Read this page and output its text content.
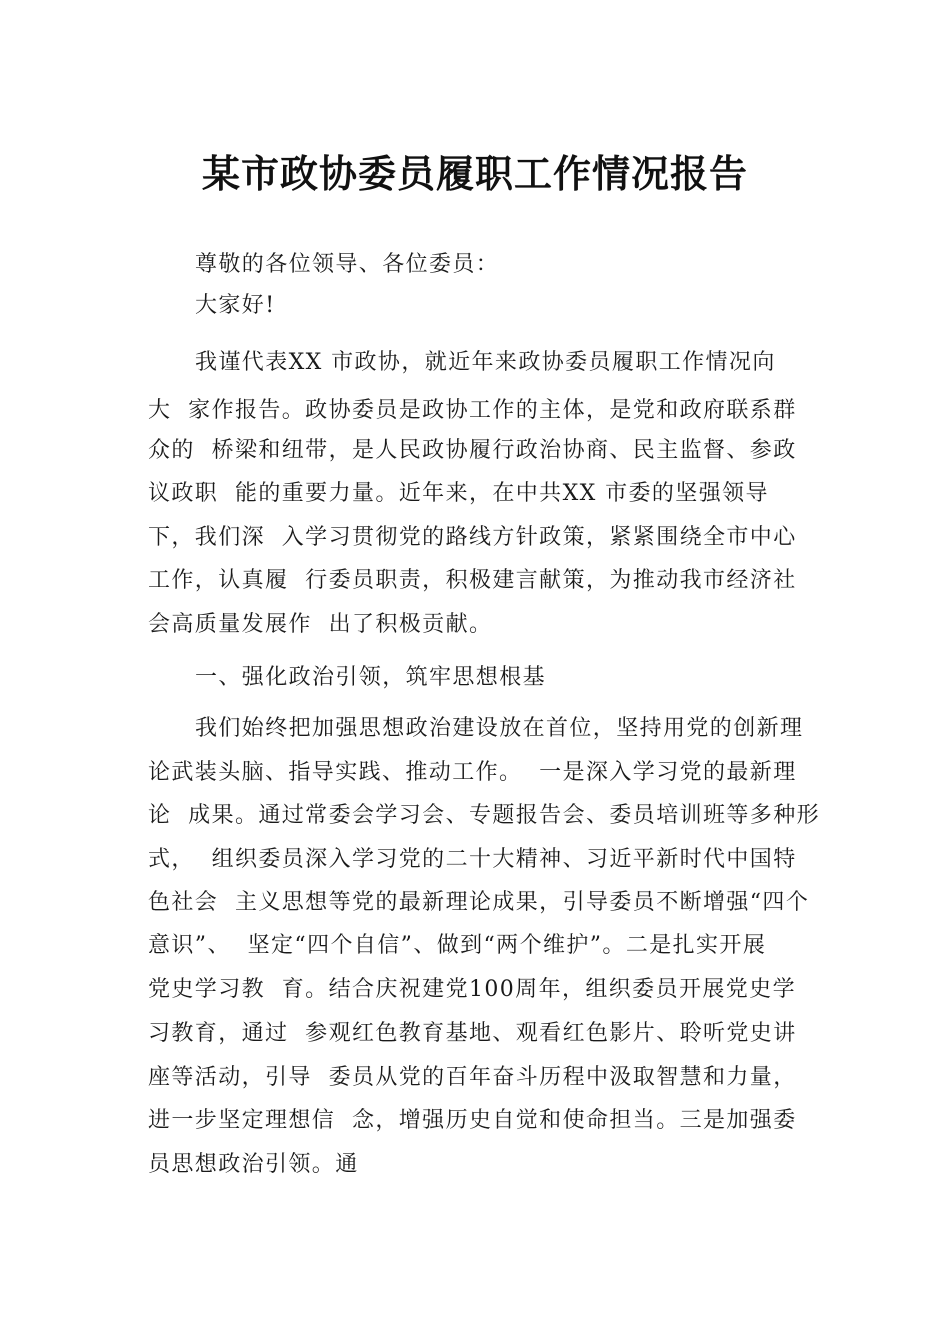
某市政协委员履职工作情况报告
尊敬的各位领导、各位委员：
大家好!
我谨代表XX 市政协，就近年来政协委员履职工作情况向
大  家作报告。政协委员是政协工作的主体，是党和政府联系群
众的  桥梁和纽带，是人民政协履行政治协商、民主监督、参政
议政职  能的重要力量。近年来，在中共XX 市委的坚强领导
下，我们深  入学习贯彻党的路线方针政策，紧紧围绕全市中心
工作，认真履  行委员职责，积极建言献策，为推动我市经济社
会高质量发展作  出了积极贡献。
一、强化政治引领，筑牢思想根基
我们始终把加强思想政治建设放在首位，坚持用党的创新理
论武装头脑、指导实践、推动工作。  一是深入学习党的最新理
论  成果。通过常委会学习会、专题报告会、委员培训班等多种形
式，  组织委员深入学习党的二十大精神、习近平新时代中国特
色社会  主义思想等党的最新理论成果，引导委员不断增强“四个
意识”、  坚定“四个自信”、做到“两个维护”。二是扎实开展
党史学习教  育。结合庆祝建党100周年，组织委员开展党史学
习教育，通过  参观红色教育基地、观看红色影片、聆听党史讲
座等活动，引导  委员从党的百年奋斗历程中汲取智慧和力量，
进一步坚定理想信  念，增强历史自觉和使命担当。三是加强委
员思想政治引领。通
